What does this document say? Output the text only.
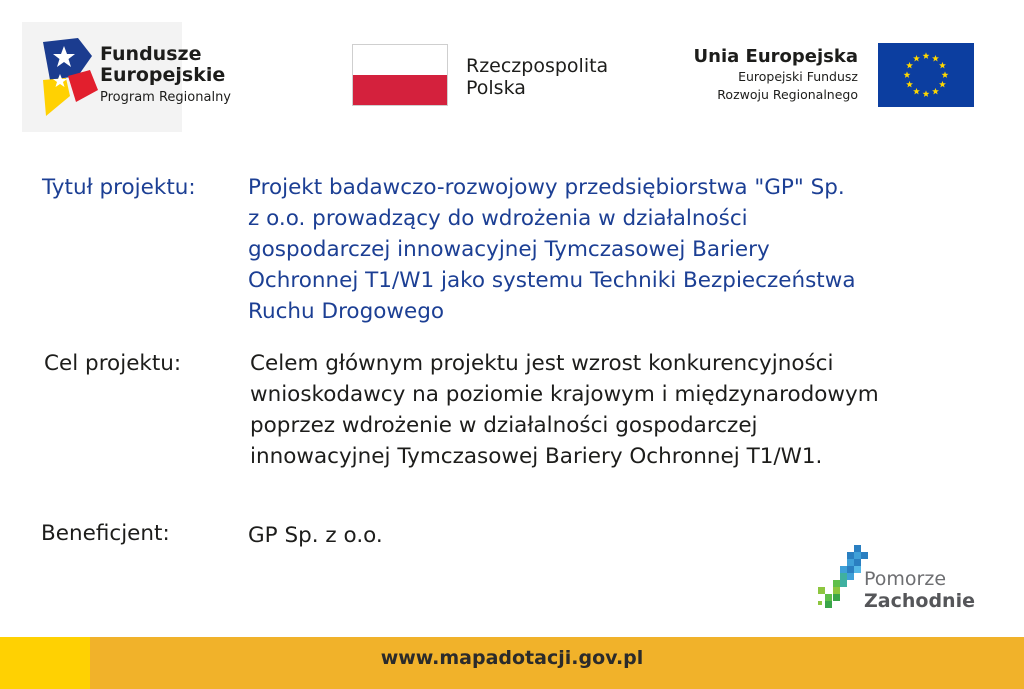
Fundusze
Europejskie
Program Regionalny
Rzeczpospolita
Polska
Unia Europejska
Europejski Fundusz
Rozwoju Regionalnego
Tytuł projektu: Projekt badawczo-rozwojowy przedsiębiorstwa "GP" Sp.
z o.o. prowadzący do wdrożenia w działalności
gospodarczej innowacyjnej Tymczasowej Bariery
Ochronnej T1/W1 jako systemu Techniki Bezpieczeństwa
Ruchu Drogowego
Cel projektu:	Celem głównym projektu jest wzrost konkurencyjności
wnioskodawcy na poziomie krajowym i międzynarodowym
poprzez wdrożenie w działalności gospodarczej
innowacyjnej Tymczasowej Bariery Ochronnej T1/W1.
Beneficjent:	GP Sp. z o.o.
Pomorze
Zachodnie
www.mapadotacji.gov.pl
